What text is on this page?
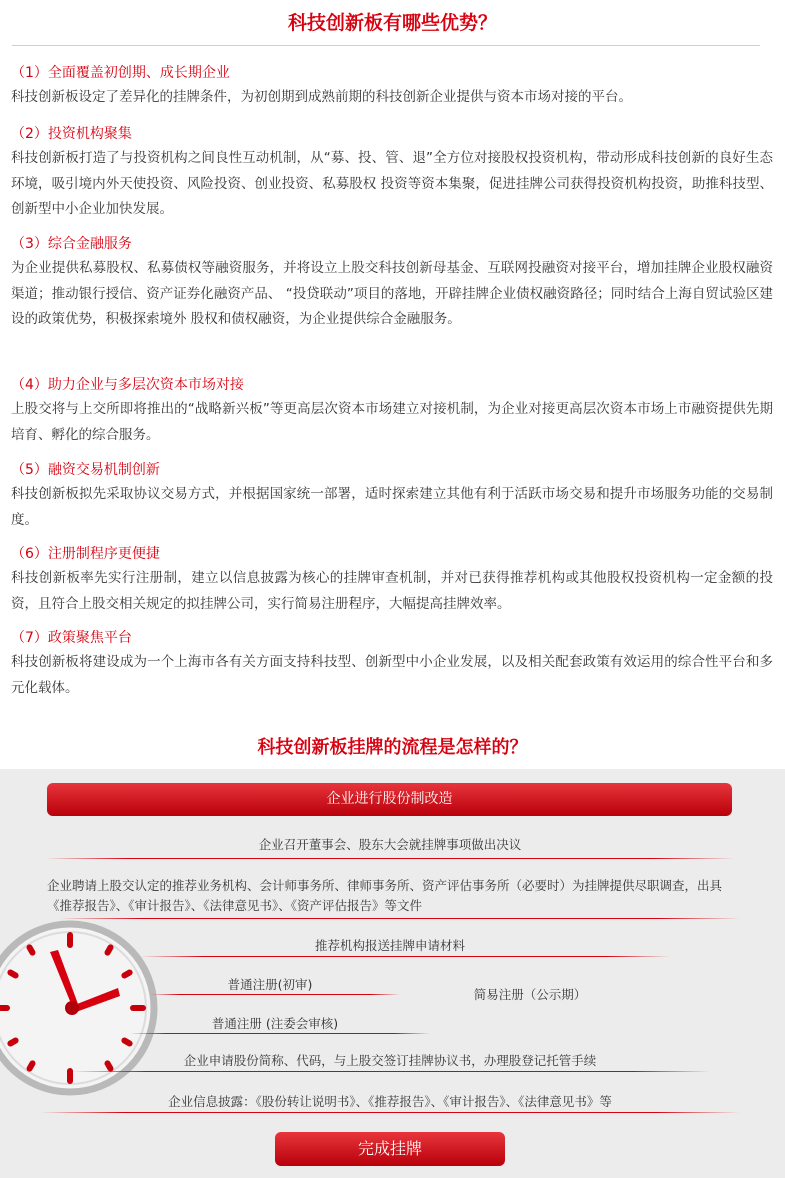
科技创新板有哪些优势？
（1）全面覆盖初创期、成长期企业
科技创新板设定了差异化的挂牌条件，为初创期到成熟前期的科技创新企业提供与资本市场对接的平台。
（2）投资机构聚集
科技创新板打造了与投资机构之间良性互动机制，从“募、投、管、退”全方位对接股权投资机构，带动形成科技创新的良好生态环境，吸引境内外天使投资、风险投资、创业投资、私募股权 投资等资本集聚，促进挂牌公司获得投资机构投资，助推科技型、创新型中小企业加快发展。
（3）综合金融服务
为企业提供私募股权、私募债权等融资服务，并将设立上股交科技创新母基金、互联网投融资对接平台，增加挂牌企业股权融资渠道；推动银行授信、资产证券化融资产品、 “投贷联动”项目的落地，开辟挂牌企业债权融资路径；同时结合上海自贸试验区建设的政策优势，积极探索境外 股权和债权融资，为企业提供综合金融服务。
（4）助力企业与多层次资本市场对接
上股交将与上交所即将推出的“战略新兴板”等更高层次资本市场建立对接机制，为企业对接更高层次资本市场上市融资提供先期培育、孵化的综合服务。
（5）融资交易机制创新
科技创新板拟先采取协议交易方式，并根据国家统一部署，适时探索建立其他有利于活跃市场交易和提升市场服务功能的交易制度。
（6）注册制程序更便捷
科技创新板率先实行注册制，建立以信息披露为核心的挂牌审查机制，并对已获得推荐机构或其他股权投资机构一定金额的投资，且符合上股交相关规定的拟挂牌公司，实行简易注册程序，大幅提高挂牌效率。
（7）政策聚焦平台
科技创新板将建设成为一个上海市各有关方面支持科技型、创新型中小企业发展，以及相关配套政策有效运用的综合性平台和多元化载体。
科技创新板挂牌的流程是怎样的？
企业进行股份制改造
企业召开董事会、股东大会就挂牌事项做出决议
企业聘请上股交认定的推荐业务机构、会计师事务所、律师事务所、资产评估事务所（必要时）为挂牌提供尽职调查，出具《推荐报告》、《审计报告》、《法律意见书》、《资产评估报告》等文件
推荐机构报送挂牌申请材料
普通注册(初审)
简易注册（公示期）
普通注册 (注委会审核)
企业申请股份简称、代码，与上股交签订挂牌协议书，办理股登记托管手续
企业信息披露：《股份转让说明书》、《推荐报告》、《审计报告》、《法律意见书》等
完成挂牌
